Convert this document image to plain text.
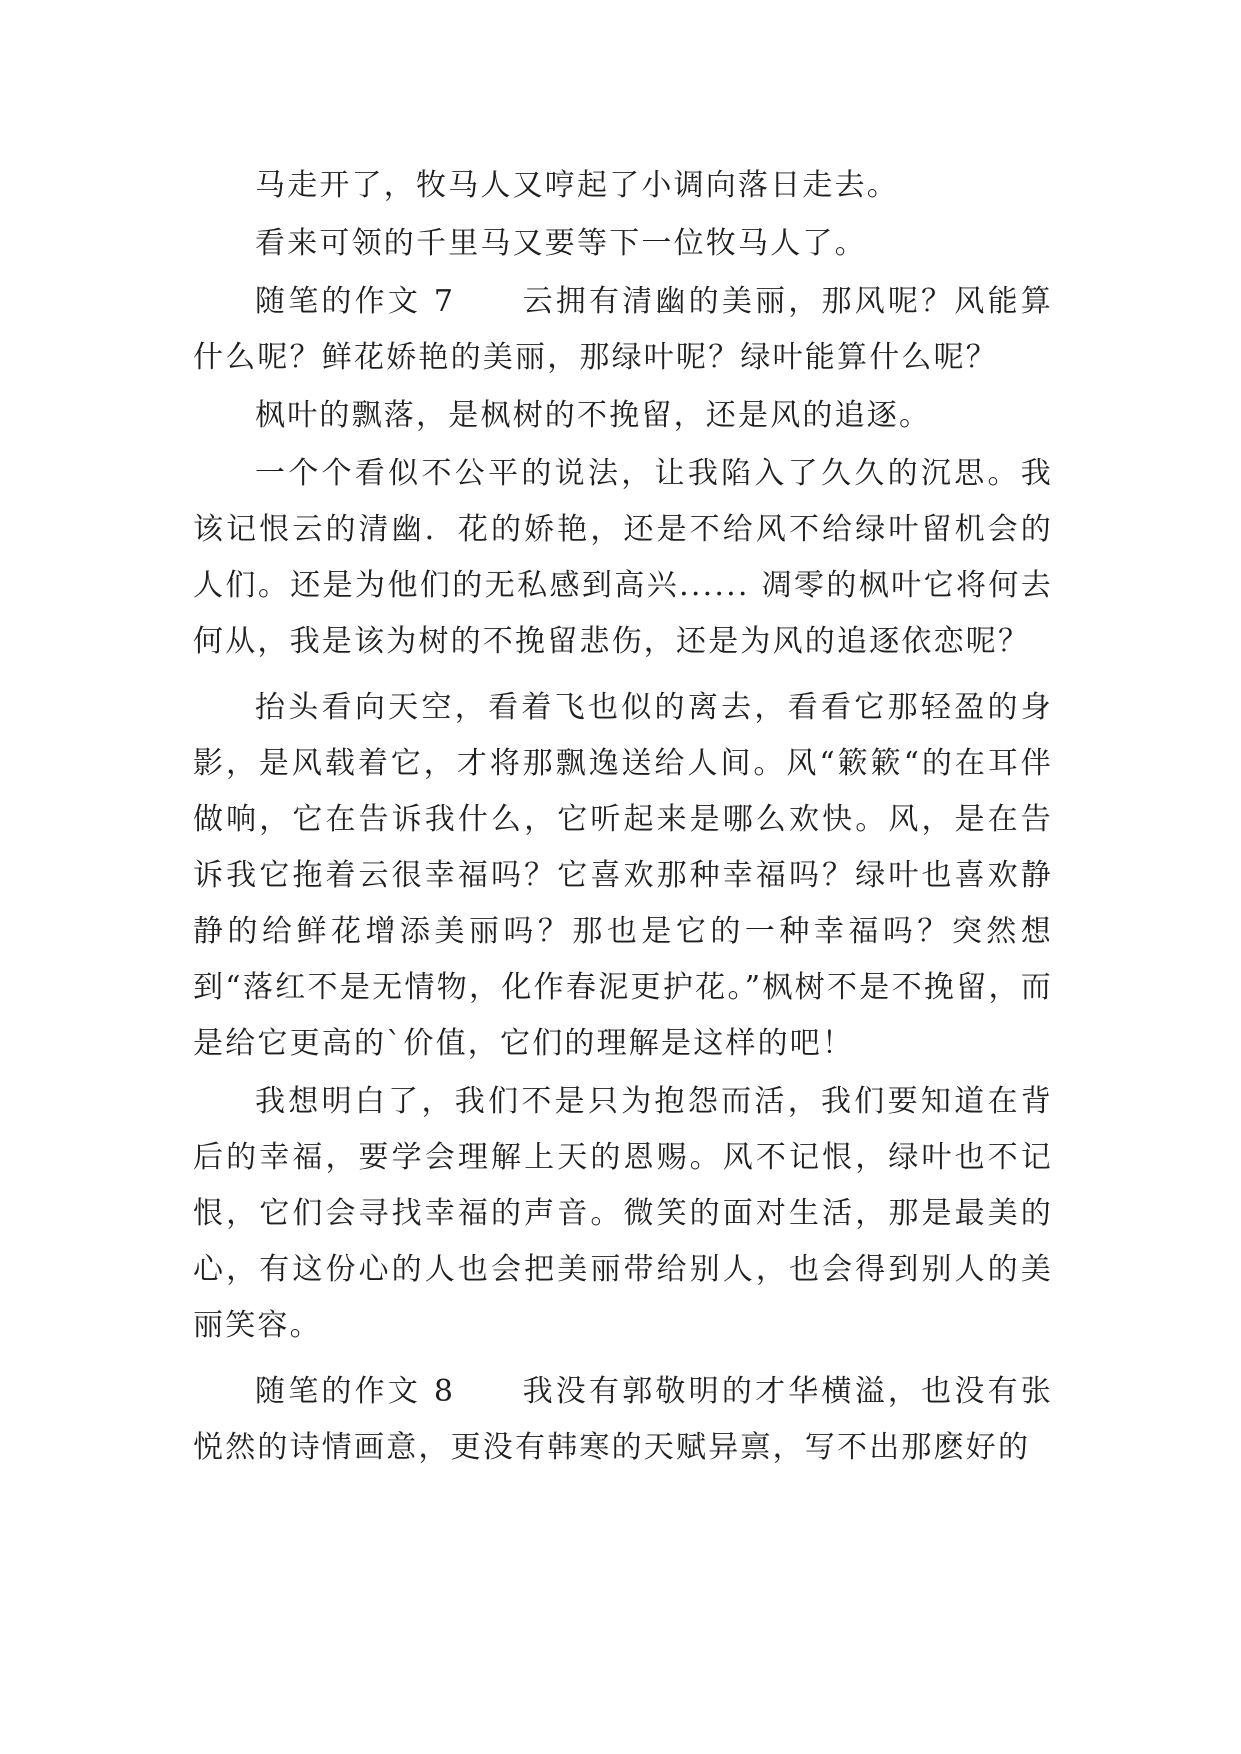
马走开了，牧马人又哼起了小调向落日走去。

看来可领的千里马又要等下一位牧马人了。

随笔的作文 7　　云拥有清幽的美丽，那风呢？风能算什么呢？鲜花娇艳的美丽，那绿叶呢？绿叶能算什么呢？

枫叶的飘落，是枫树的不挽留，还是风的追逐。

一个个看似不公平的说法，让我陷入了久久的沉思。我该记恨云的清幽．花的娇艳，还是不给风不给绿叶留机会的人们。还是为他们的无私感到高兴...... 凋零的枫叶它将何去何从，我是该为树的不挽留悲伤，还是为风的追逐依恋呢？

抬头看向天空，看着飞也似的离去，看看它那轻盈的身影，是风载着它，才将那飘逸送给人间。风“簌簌“的在耳伴做响，它在告诉我什么，它听起来是哪么欢快。风，是在告诉我它拖着云很幸福吗？它喜欢那种幸福吗？绿叶也喜欢静静的给鲜花增添美丽吗？那也是它的一种幸福吗？突然想到“落红不是无情物，化作春泥更护花。”枫树不是不挽留，而是给它更高的`价值，它们的理解是这样的吧！

我想明白了，我们不是只为抱怨而活，我们要知道在背后的幸福，要学会理解上天的恩赐。风不记恨，绿叶也不记恨，它们会寻找幸福的声音。微笑的面对生活，那是最美的心，有这份心的人也会把美丽带给别人，也会得到别人的美丽笑容。

随笔的作文 8　　我没有郭敬明的才华横溢，也没有张悦然的诗情画意，更没有韩寒的天赋异禀，写不出那麽好的
